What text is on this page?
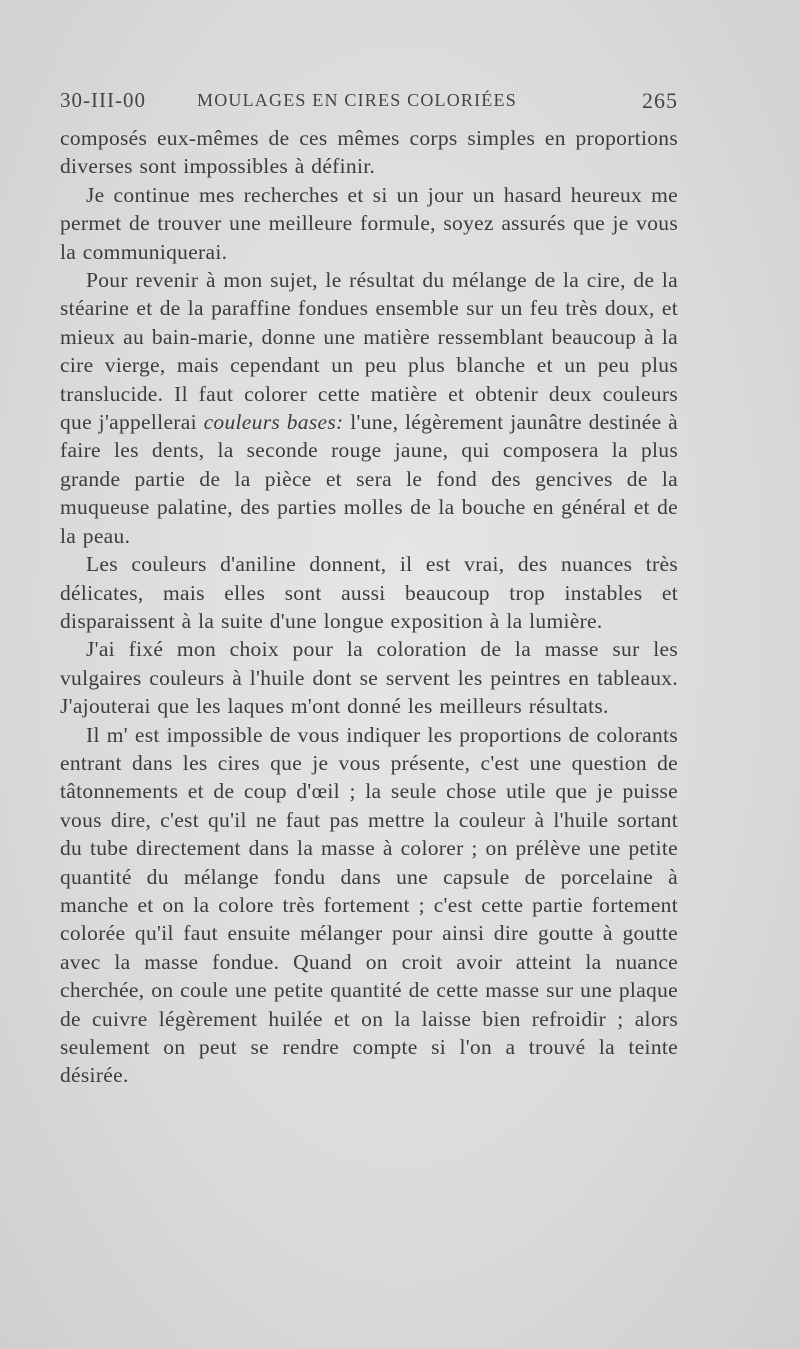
30-III-00	MOULAGES EN CIRES COLORIÉES	265

composés eux-mêmes de ces mêmes corps simples en proportions diverses sont impossibles à définir.

Je continue mes recherches et si un jour un hasard heureux me permet de trouver une meilleure formule, soyez assurés que je vous la communiquerai.

Pour revenir à mon sujet, le résultat du mélange de la cire, de la stéarine et de la paraffine fondues ensemble sur un feu très doux, et mieux au bain-marie, donne une matière ressemblant beaucoup à la cire vierge, mais cependant un peu plus blanche et un peu plus translucide. Il faut colorer cette matière et obtenir deux couleurs que j'appellerai couleurs bases: l'une, légèrement jaunâtre destinée à faire les dents, la seconde rouge jaune, qui composera la plus grande partie de la pièce et sera le fond des gencives de la muqueuse palatine, des parties molles de la bouche en général et de la peau.

Les couleurs d'aniline donnent, il est vrai, des nuances très délicates, mais elles sont aussi beaucoup trop instables et disparaissent à la suite d'une longue exposition à la lumière.

J'ai fixé mon choix pour la coloration de la masse sur les vulgaires couleurs à l'huile dont se servent les peintres en tableaux. J'ajouterai que les laques m'ont donné les meilleurs résultats.

Il m' est impossible de vous indiquer les proportions de colorants entrant dans les cires que je vous présente, c'est une question de tâtonnements et de coup d'œil ; la seule chose utile que je puisse vous dire, c'est qu'il ne faut pas mettre la couleur à l'huile sortant du tube directement dans la masse à colorer ; on prélève une petite quantité du mélange fondu dans une capsule de porcelaine à manche et on la colore très fortement ; c'est cette partie fortement colorée qu'il faut ensuite mélanger pour ainsi dire goutte à goutte avec la masse fondue. Quand on croit avoir atteint la nuance cherchée, on coule une petite quantité de cette masse sur une plaque de cuivre légèrement huilée et on la laisse bien refroidir ; alors seulement on peut se rendre compte si l'on a trouvé la teinte désirée.
